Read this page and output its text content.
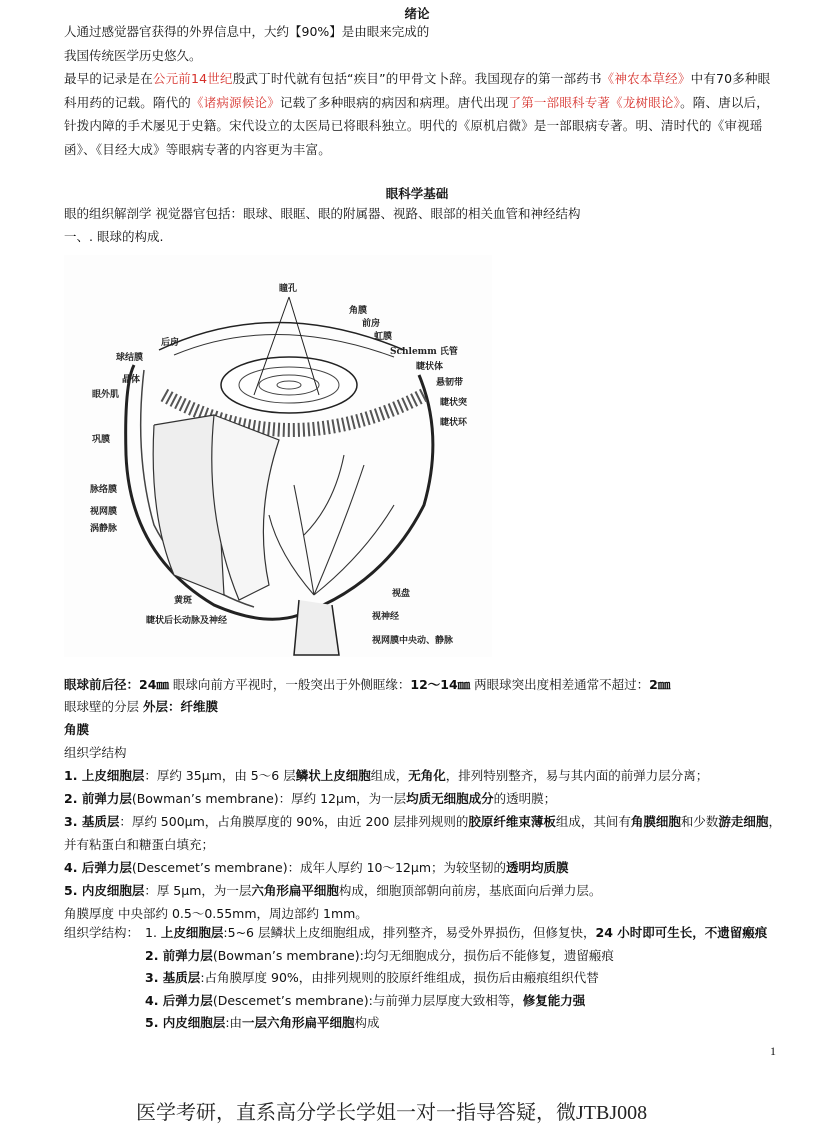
绪论
人通过感觉器官获得的外界信息中，大约【90%】是由眼来完成的
我国传统医学历史悠久。
最早的记录是在公元前14世纪殷武丁时代就有包括“疾目”的甲骨文卜辞。我国现存的第一部药书《神农本草经》中有70多种眼科用药的记载。隋代的《诸病源候论》记载了多种眼病的病因和病理。唐代出现了第一部眼科专著《龙树眼论》。隋、唐以后，针拨内障的手术屡见于史籍。宋代设立的太医局已将眼科独立。明代的《原机启微》是一部眼病专著。明、清时代的《审视瑶函》、《目经大成》等眼病专著的内容更为丰富。
眼科学基础
眼的组织解剖学 视觉器官包括：眼球、眼眶、眼的附属器、视路、眼部的相关血管和神经结构
一、. 眼球的构成.
瞳孔
角膜
前房
虹膜
Schlemm 氏管
睫状体
悬韧带
睫状突
睫状环
后房
球结膜
晶体
眼外肌
巩膜
脉络膜
视网膜
涡静脉
黄斑
视盘
睫状后长动脉及神经	视神经
视网膜中央动、静脉
眼球前后径：24㎜ 眼球向前方平视时，一般突出于外侧眶缘：12～14㎜ 两眼球突出度相差通常不超过：2㎜
眼球壁的分层 外层：纤维膜
角膜
组织学结构
1. 上皮细胞层：厚约 35μm，由 5～6 层鳞状上皮细胞组成，无角化，排列特别整齐，易与其内面的前弹力层分离；
2. 前弹力层(Bowman’s membrane)：厚约 12μm，为一层均质无细胞成分的透明膜；
3. 基质层：厚约 500μm，占角膜厚度的 90%，由近 200 层排列规则的胶原纤维束薄板组成，其间有角膜细胞和少数游走细胞，
并有粘蛋白和糖蛋白填充；
4. 后弹力层(Descemet’s membrane)：成年人厚约 10～12μm；为较坚韧的透明均质膜
5. 内皮细胞层：厚 5μm，为一层六角形扁平细胞构成，细胞顶部朝向前房，基底面向后弹力层。
角膜厚度 中央部约 0.5～0.55mm，周边部约 1mm。
组织学结构： 1. 上皮细胞层:5~6 层鳞状上皮细胞组成，排列整齐，易受外界损伤，但修复快，24 小时即可生长，不遗留瘢痕
2. 前弹力层(Bowman’s membrane):均匀无细胞成分，损伤后不能修复，遗留瘢痕
3. 基质层:占角膜厚度 90%，由排列规则的胶原纤维组成，损伤后由瘢痕组织代替
4. 后弹力层(Descemet’s membrane):与前弹力层厚度大致相等，修复能力强
5. 内皮细胞层:由一层六角形扁平细胞构成
1
医学考研，直系高分学长学姐一对一指导答疑，微JTBJ008
